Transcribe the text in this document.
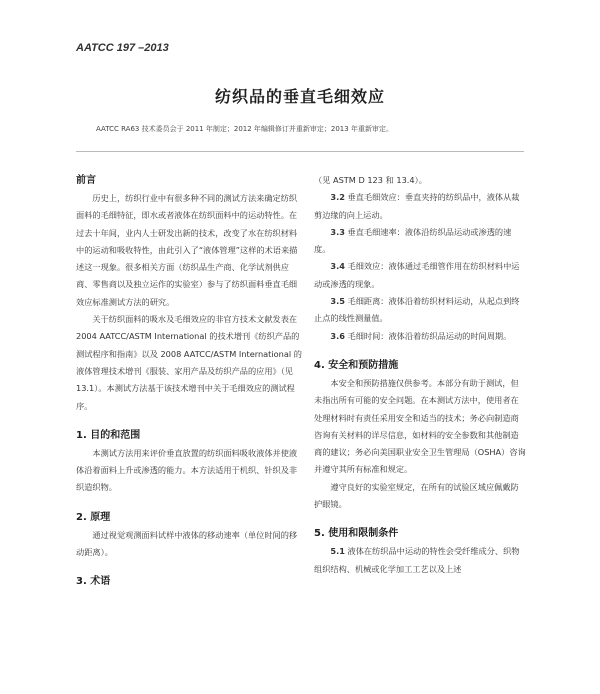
AATCC 197 –2013
纺织品的垂直毛细效应
AATCC RA63 技术委员会于 2011 年制定；2012 年编辑修订并重新审定；2013 年重新审定。

前言

历史上，纺织行业中有很多种不同的测试方法来确定纺织面料的毛细特征，即水或者液体在纺织面料中的运动特性。在过去十年间，业内人士研发出新的技术，改变了水在纺织材料中的运动和吸收特性，由此引入了“液体管理”这样的术语来描述这一现象。很多相关方面（纺织品生产商、化学试剂供应商、零售商以及独立运作的实验室）参与了纺织面料垂直毛细效应标准测试方法的研究。

关于纺织面料的吸水及毛细效应的非官方技术文献发表在 2004 AATCC/ASTM International 的技术增刊《纺织产品的测试程序和指南》以及 2008 AATCC/ASTM International 的液体管理技术增刊《服装、家用产品及纺织产品的应用》（见 13.1）。本测试方法基于该技术增刊中关于毛细效应的测试程序。

1. 目的和范围

本测试方法用来评价垂直放置的纺织面料吸收液体并使液体沿着面料上升或渗透的能力。本方法适用于机织、针织及非织造织物。

2. 原理

通过视觉观测面料试样中液体的移动速率（单位时间的移动距离）。

3. 术语

（见 ASTM D 123 和 13.4）。

3.2 垂直毛细效应：垂直夹持的纺织品中，液体从裁剪边缘的向上运动。

3.3 垂直毛细速率：液体沿纺织品运动或渗透的速度。

3.4 毛细效应：液体通过毛细管作用在纺织材料中运动或渗透的现象。

3.5 毛细距离：液体沿着纺织材料运动，从起点到终止点的线性测量值。

3.6 毛细时间：液体沿着纺织品运动的时间周期。

4. 安全和预防措施

本安全和预防措施仅供参考。本部分有助于测试，但未指出所有可能的安全问题。在本测试方法中，使用者在处理材料时有责任采用安全和适当的技术；务必向制造商咨询有关材料的详尽信息，如材料的安全参数和其他制造商的建议；务必向美国职业安全卫生管理局（OSHA）咨询并遵守其所有标准和规定。

遵守良好的实验室规定，在所有的试验区域应佩戴防护眼镜。

5. 使用和限制条件

5.1 液体在纺织品中运动的特性会受纤维成分、织物组织结构、机械或化学加工工艺以及上述
